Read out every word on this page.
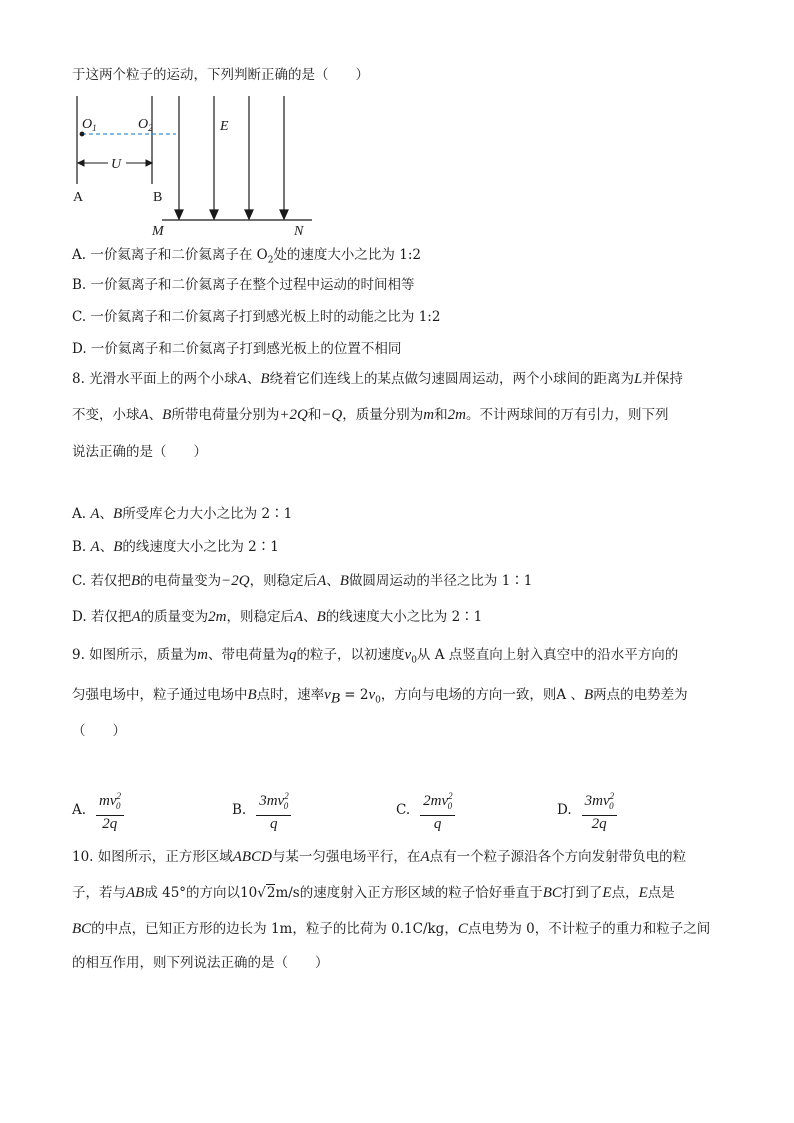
于这两个粒子的运动，下列判断正确的是（　　）
$O_1$	$O_2$	E
U
A	B
M	N
A. 一价氦离子和二价氦离子在 $O_2$处的速度大小之比为 1:2
B. 一价氦离子和二价氦离子在整个过程中运动的时间相等
C. 一价氦离子和二价氦离子打到感光板上时的动能之比为 1:2
D. 一价氦离子和二价氦离子打到感光板上的位置不相同
8. 光滑水平面上的两个小球A、B绕着它们连线上的某点做匀速圆周运动，两个小球间的距离为L并保持
不变，小球A、B所带电荷量分别为+2Q和−Q，质量分别为m和2m。不计两球间的万有引力，则下列
说法正确的是（　　）
A. A、B所受库仑力大小之比为 2∶1
B. A、B的线速度大小之比为 2∶1
C. 若仅把B的电荷量变为−2Q，则稳定后A、B做圆周运动的半径之比为 1∶1
D. 若仅把A的质量变为2m，则稳定后A、B的线速度大小之比为 2∶1
9. 如图所示，质量为m、带电荷量为q的粒子，以初速度$v_0$从 A 点竖直向上射入真空中的沿水平方向的
匀强电场中，粒子通过电场中B点时，速率$v_B = 2v_0$，方向与电场的方向一致，则A 、B两点的电势差为
（　　）
A. $\frac{mv^2_0}{2q}$	B. $\frac{3mv^2_0}{q}$	C. $\frac{2mv^2_0}{q}$	D. $\frac{3mv^2_0}{2q}$
10. 如图所示，正方形区域ABCD与某一匀强电场平行，在A点有一个粒子源沿各个方向发射带负电的粒
子，若与AB成 45°的方向以10√2m/s的速度射入正方形区域的粒子恰好垂直于BC打到了E点，E点是
BC的中点，已知正方形的边长为 1m，粒子的比荷为 0.1C/kg，C点电势为 0，不计粒子的重力和粒子之间
的相互作用，则下列说法正确的是（　　）
